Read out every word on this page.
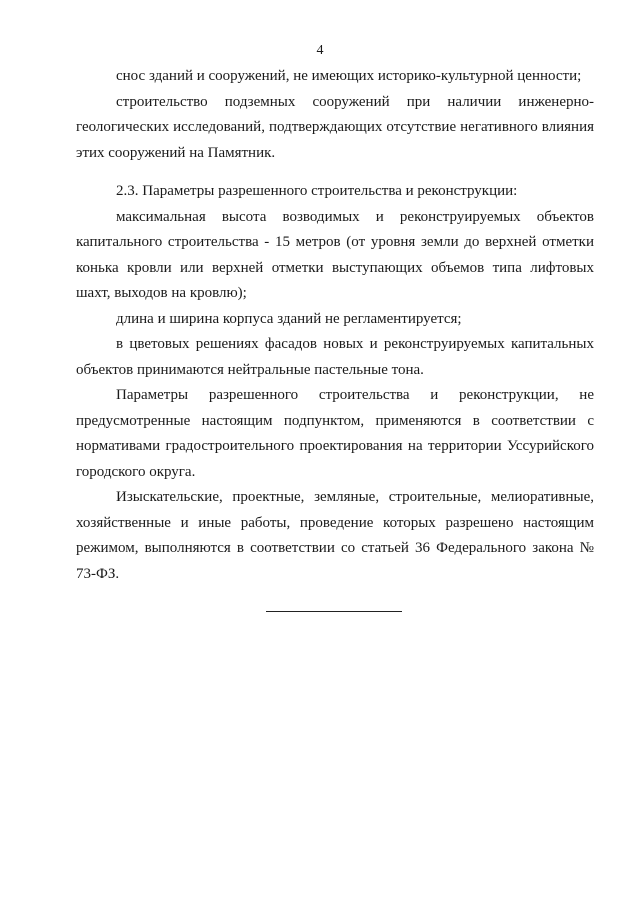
4

снос зданий и сооружений, не имеющих историко-культурной ценности;

строительство подземных сооружений при наличии инженерно-геологических исследований, подтверждающих отсутствие негативного влияния этих сооружений на Памятник.

2.3. Параметры разрешенного строительства и реконструкции:

максимальная высота возводимых и реконструируемых объектов капитального строительства - 15 метров (от уровня земли до верхней отметки конька кровли или верхней отметки выступающих объемов типа лифтовых шахт, выходов на кровлю);

длина и ширина корпуса зданий не регламентируется;

в цветовых решениях фасадов новых и реконструируемых капитальных объектов принимаются нейтральные пастельные тона.

Параметры разрешенного строительства и реконструкции, не предусмотренные настоящим подпунктом, применяются в соответствии с нормативами градостроительного проектирования на территории Уссурийского городского округа.

Изыскательские, проектные, земляные, строительные, мелиоративные, хозяйственные и иные работы, проведение которых разрешено настоящим режимом, выполняются в соответствии со статьей 36 Федерального закона № 73-ФЗ.
